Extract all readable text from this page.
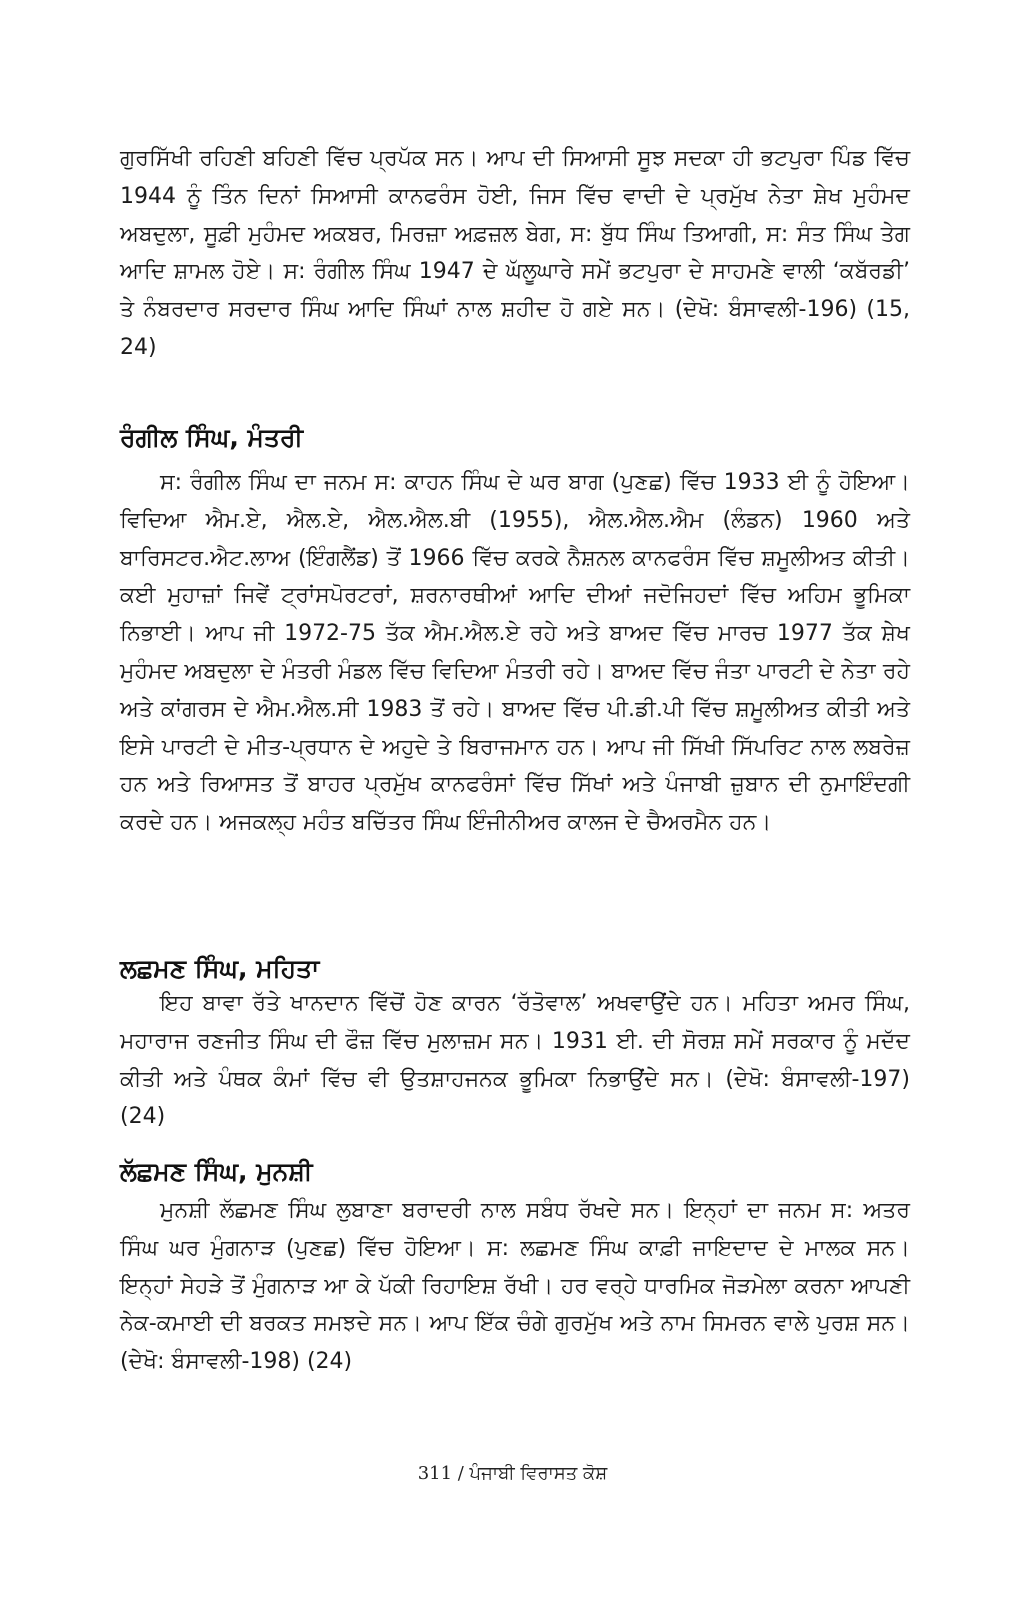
ਗੁਰਸਿੱਖੀ ਰਹਿਣੀ ਬਹਿਣੀ ਵਿੱਚ ਪ੍ਰਪੱਕ ਸਨ। ਆਪ ਦੀ ਸਿਆਸੀ ਸੂਝ ਸਦਕਾ ਹੀ ਭਟਪੁਰਾ ਪਿੰਡ ਵਿੱਚ 1944 ਨੂੰ ਤਿੰਨ ਦਿਨਾਂ ਸਿਆਸੀ ਕਾਨਫਰੰਸ ਹੋਈ, ਜਿਸ ਵਿੱਚ ਵਾਦੀ ਦੇ ਪ੍ਰਮੁੱਖ ਨੇਤਾ ਸ਼ੇਖ ਮੁਹੰਮਦ ਅਬਦੁਲਾ, ਸੂਫ਼ੀ ਮੁਹੰਮਦ ਅਕਬਰ, ਮਿਰਜ਼ਾ ਅਫ਼ਜ਼ਲ ਬੇਗ, ਸ: ਬੁੱਧ ਸਿੰਘ ਤਿਆਗੀ, ਸ: ਸੰਤ ਸਿੰਘ ਤੇਗ ਆਦਿ ਸ਼ਾਮਲ ਹੋਏ। ਸ: ਰੰਗੀਲ ਸਿੰਘ 1947 ਦੇ ਘੱਲੂਘਾਰੇ ਸਮੇਂ ਭਟਪੁਰਾ ਦੇ ਸਾਹਮਣੇ ਵਾਲੀ ‘ਕਬੱਰਡੀ’ ਤੇ ਨੰਬਰਦਾਰ ਸਰਦਾਰ ਸਿੰਘ ਆਦਿ ਸਿੰਘਾਂ ਨਾਲ ਸ਼ਹੀਦ ਹੋ ਗਏ ਸਨ। (ਦੇਖੋ: ਬੰਸਾਵਲੀ-196) (15, 24)

ਰੰਗੀਲ ਸਿੰਘ, ਮੰਤਰੀ

ਸ: ਰੰਗੀਲ ਸਿੰਘ ਦਾ ਜਨਮ ਸ: ਕਾਹਨ ਸਿੰਘ ਦੇ ਘਰ ਬਾਗ (ਪੁਣਛ) ਵਿੱਚ 1933 ਈ ਨੂੰ ਹੋਇਆ। ਵਿਦਿਆ ਐਮ.ਏ, ਐਲ.ਏ, ਐਲ.ਐਲ.ਬੀ (1955), ਐਲ.ਐਲ.ਐਮ (ਲੰਡਨ) 1960 ਅਤੇ ਬਾਰਿਸਟਰ.ਐਟ.ਲਾਅ (ਇੰਗਲੈਂਡ) ਤੋਂ 1966 ਵਿੱਚ ਕਰਕੇ ਨੈਸ਼ਨਲ ਕਾਨਫਰੰਸ ਵਿੱਚ ਸ਼ਮੂਲੀਅਤ ਕੀਤੀ। ਕਈ ਮੁਹਾਜ਼ਾਂ ਜਿਵੇਂ ਟ੍ਰਾਂਸਪੋਰਟਰਾਂ, ਸ਼ਰਨਾਰਥੀਆਂ ਆਦਿ ਦੀਆਂ ਜਦੋਜਿਹਦਾਂ ਵਿੱਚ ਅਹਿਮ ਭੂਮਿਕਾ ਨਿਭਾਈ। ਆਪ ਜੀ 1972-75 ਤੱਕ ਐਮ.ਐਲ.ਏ ਰਹੇ ਅਤੇ ਬਾਅਦ ਵਿੱਚ ਮਾਰਚ 1977 ਤੱਕ ਸ਼ੇਖ ਮੁਹੰਮਦ ਅਬਦੁਲਾ ਦੇ ਮੰਤਰੀ ਮੰਡਲ ਵਿੱਚ ਵਿਦਿਆ ਮੰਤਰੀ ਰਹੇ। ਬਾਅਦ ਵਿੱਚ ਜੰਤਾ ਪਾਰਟੀ ਦੇ ਨੇਤਾ ਰਹੇ ਅਤੇ ਕਾਂਗਰਸ ਦੇ ਐਮ.ਐਲ.ਸੀ 1983 ਤੋਂ ਰਹੇ। ਬਾਅਦ ਵਿੱਚ ਪੀ.ਡੀ.ਪੀ ਵਿੱਚ ਸ਼ਮੂਲੀਅਤ ਕੀਤੀ ਅਤੇ ਇਸੇ ਪਾਰਟੀ ਦੇ ਮੀਤ-ਪ੍ਰਧਾਨ ਦੇ ਅਹੁਦੇ ਤੇ ਬਿਰਾਜਮਾਨ ਹਨ। ਆਪ ਜੀ ਸਿੱਖੀ ਸਿੱਪਰਿਟ ਨਾਲ ਲਬਰੇਜ਼ ਹਨ ਅਤੇ ਰਿਆਸਤ ਤੋਂ ਬਾਹਰ ਪ੍ਰਮੁੱਖ ਕਾਨਫਰੰਸਾਂ ਵਿੱਚ ਸਿੱਖਾਂ ਅਤੇ ਪੰਜਾਬੀ ਜ਼ੁਬਾਨ ਦੀ ਨੁਮਾਇੰਦਗੀ ਕਰਦੇ ਹਨ। ਅਜਕਲ੍ਹ ਮਹੰਤ ਬਚਿੱਤਰ ਸਿੰਘ ਇੰਜੀਨੀਅਰ ਕਾਲਜ ਦੇ ਚੈਅਰਮੈਨ ਹਨ।

ਲਛਮਣ ਸਿੰਘ, ਮਹਿਤਾ

ਇਹ ਬਾਵਾ ਰੱਤੇ ਖਾਨਦਾਨ ਵਿੱਚੋਂ ਹੋਣ ਕਾਰਨ ‘ਰੱਤੋਵਾਲ’ ਅਖਵਾਉਂਦੇ ਹਨ। ਮਹਿਤਾ ਅਮਰ ਸਿੰਘ, ਮਹਾਰਾਜ ਰਣਜੀਤ ਸਿੰਘ ਦੀ ਫੌਜ਼ ਵਿੱਚ ਮੁਲਾਜ਼ਮ ਸਨ। 1931 ਈ. ਦੀ ਸੋਰਸ਼ ਸਮੇਂ ਸਰਕਾਰ ਨੂੰ ਮਦੱਦ ਕੀਤੀ ਅਤੇ ਪੰਥਕ ਕੰਮਾਂ ਵਿੱਚ ਵੀ ਉਤਸ਼ਾਹਜਨਕ ਭੂਮਿਕਾ ਨਿਭਾਉਂਦੇ ਸਨ। (ਦੇਖੋ: ਬੰਸਾਵਲੀ-197) (24)

ਲੱਛਮਣ ਸਿੰਘ, ਮੁਨਸ਼ੀ

ਮੁਨਸ਼ੀ ਲੱਛਮਣ ਸਿੰਘ ਲੁਬਾਣਾ ਬਰਾਦਰੀ ਨਾਲ ਸਬੰਧ ਰੱਖਦੇ ਸਨ। ਇਨ੍ਹਾਂ ਦਾ ਜਨਮ ਸ: ਅਤਰ ਸਿੰਘ ਘਰ ਮੁੰਗਨਾੜ (ਪੁਣਛ) ਵਿੱਚ ਹੋਇਆ। ਸ: ਲਛਮਣ ਸਿੰਘ ਕਾਫ਼ੀ ਜਾਇਦਾਦ ਦੇ ਮਾਲਕ ਸਨ। ਇਨ੍ਹਾਂ ਸੇਹੜੇ ਤੋਂ ਮੁੰਗਨਾੜ ਆ ਕੇ ਪੱਕੀ ਰਿਹਾਇਸ਼ ਰੱਖੀ। ਹਰ ਵਰ੍ਹੇ ਧਾਰਮਿਕ ਜੋੜਮੇਲਾ ਕਰਨਾ ਆਪਣੀ ਨੇਕ-ਕਮਾਈ ਦੀ ਬਰਕਤ ਸਮਝਦੇ ਸਨ। ਆਪ ਇੱਕ ਚੰਗੇ ਗੁਰਮੁੱਖ ਅਤੇ ਨਾਮ ਸਿਮਰਨ ਵਾਲੇ ਪੁਰਸ਼ ਸਨ। (ਦੇਖੋ: ਬੰਸਾਵਲੀ-198) (24)

311 / ਪੰਜਾਬੀ ਵਿਰਾਸਤ ਕੋਸ਼
